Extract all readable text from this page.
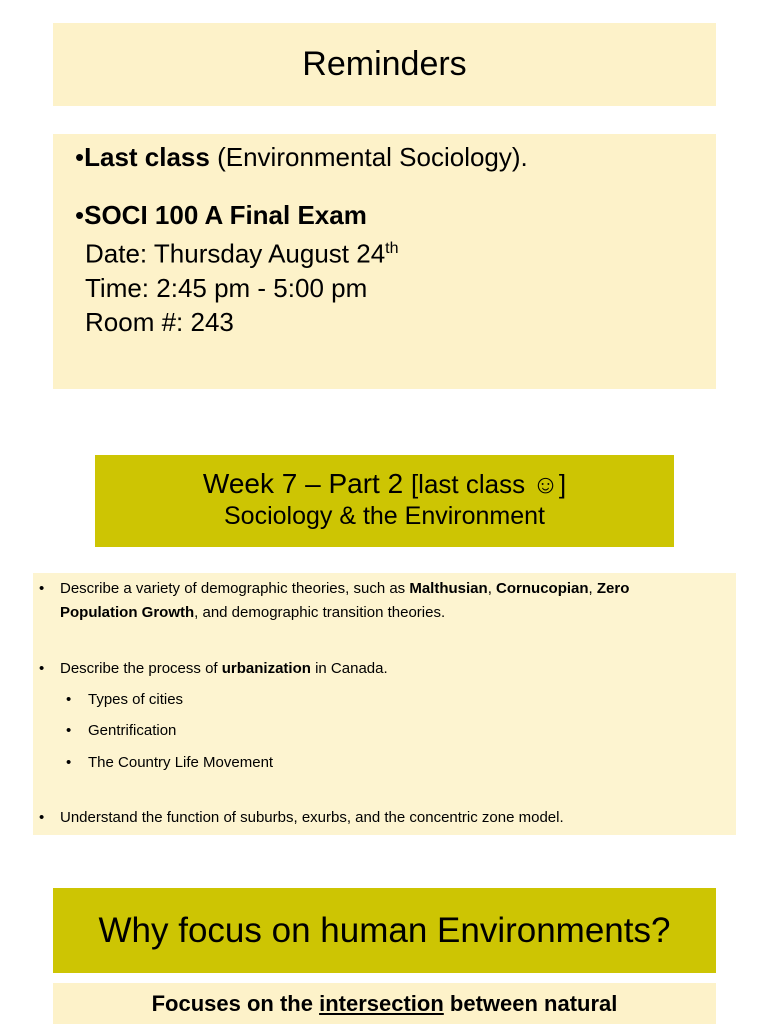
Reminders
•Last class (Environmental Sociology).
•SOCI 100 A Final Exam
Date: Thursday August 24th
Time: 2:45 pm - 5:00 pm
Room #: 243
Week 7 – Part 2 [last class ☺]
Sociology & the Environment
• Describe a variety of demographic theories, such as Malthusian, Cornucopian, Zero
Population Growth, and demographic transition theories.
• Describe the process of urbanization in Canada.
• Types of cities
• Gentrification
• The Country Life Movement
• Understand the function of suburbs, exurbs, and the concentric zone model.
Why focus on human Environments?
Focuses on the intersection between natural
